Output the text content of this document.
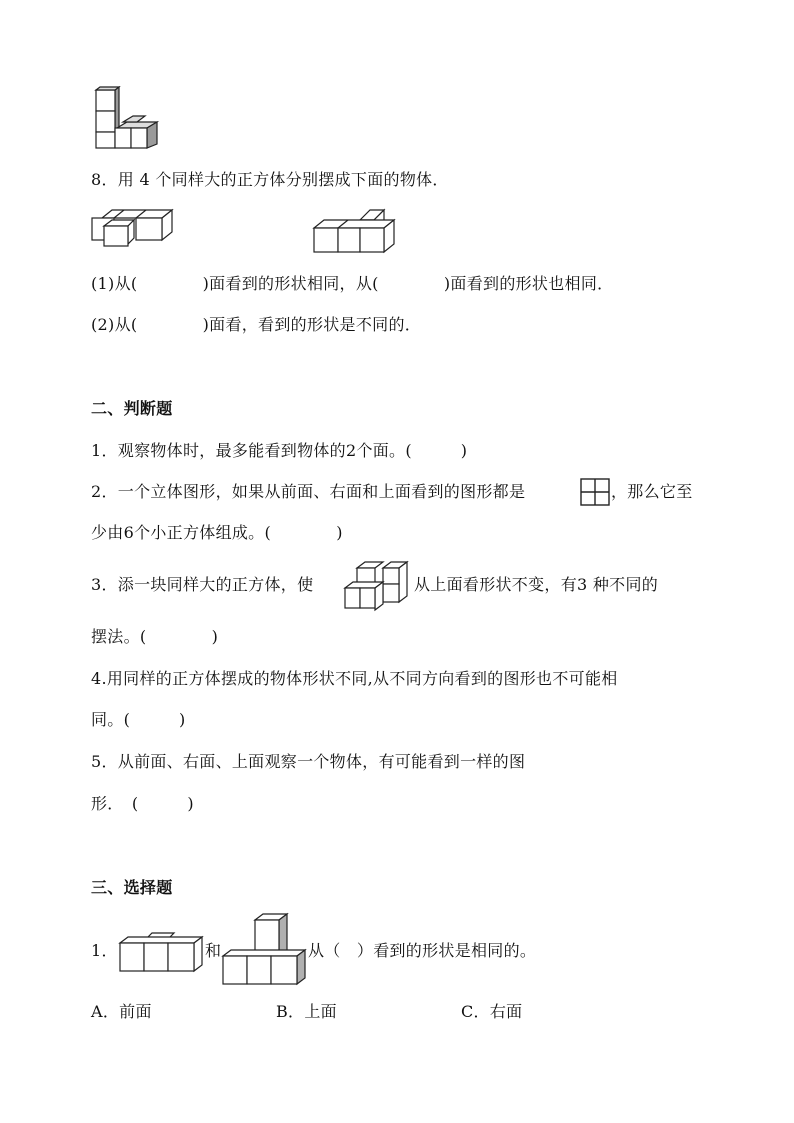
8．用 4 个同样大的正方体分别摆成下面的物体．
(1)从(　　　　)面看到的形状相同，从(　　　　)面看到的形状也相同．
(2)从(　　　　)面看，看到的形状是不同的．
二、判断题
1．观察物体时，最多能看到物体的2个面。(　　　)
2．一个立体图形，如果从前面、右面和上面看到的图形都是	，那么它至
少由6个小正方体组成。(　　　　)
3．添一块同样大的正方体，使	从上面看形状不变，有3 种不同的
摆法。(　　　　)
4.用同样的正方体摆成的物体形状不同,从不同方向看到的图形也不可能相
同。(　　　)
5．从前面、右面、上面观察一个物体，有可能看到一样的图
形．　(　　　)
三、选择题
1．	和	从（　）看到的形状是相同的。
A．前面	B．上面	C．右面
